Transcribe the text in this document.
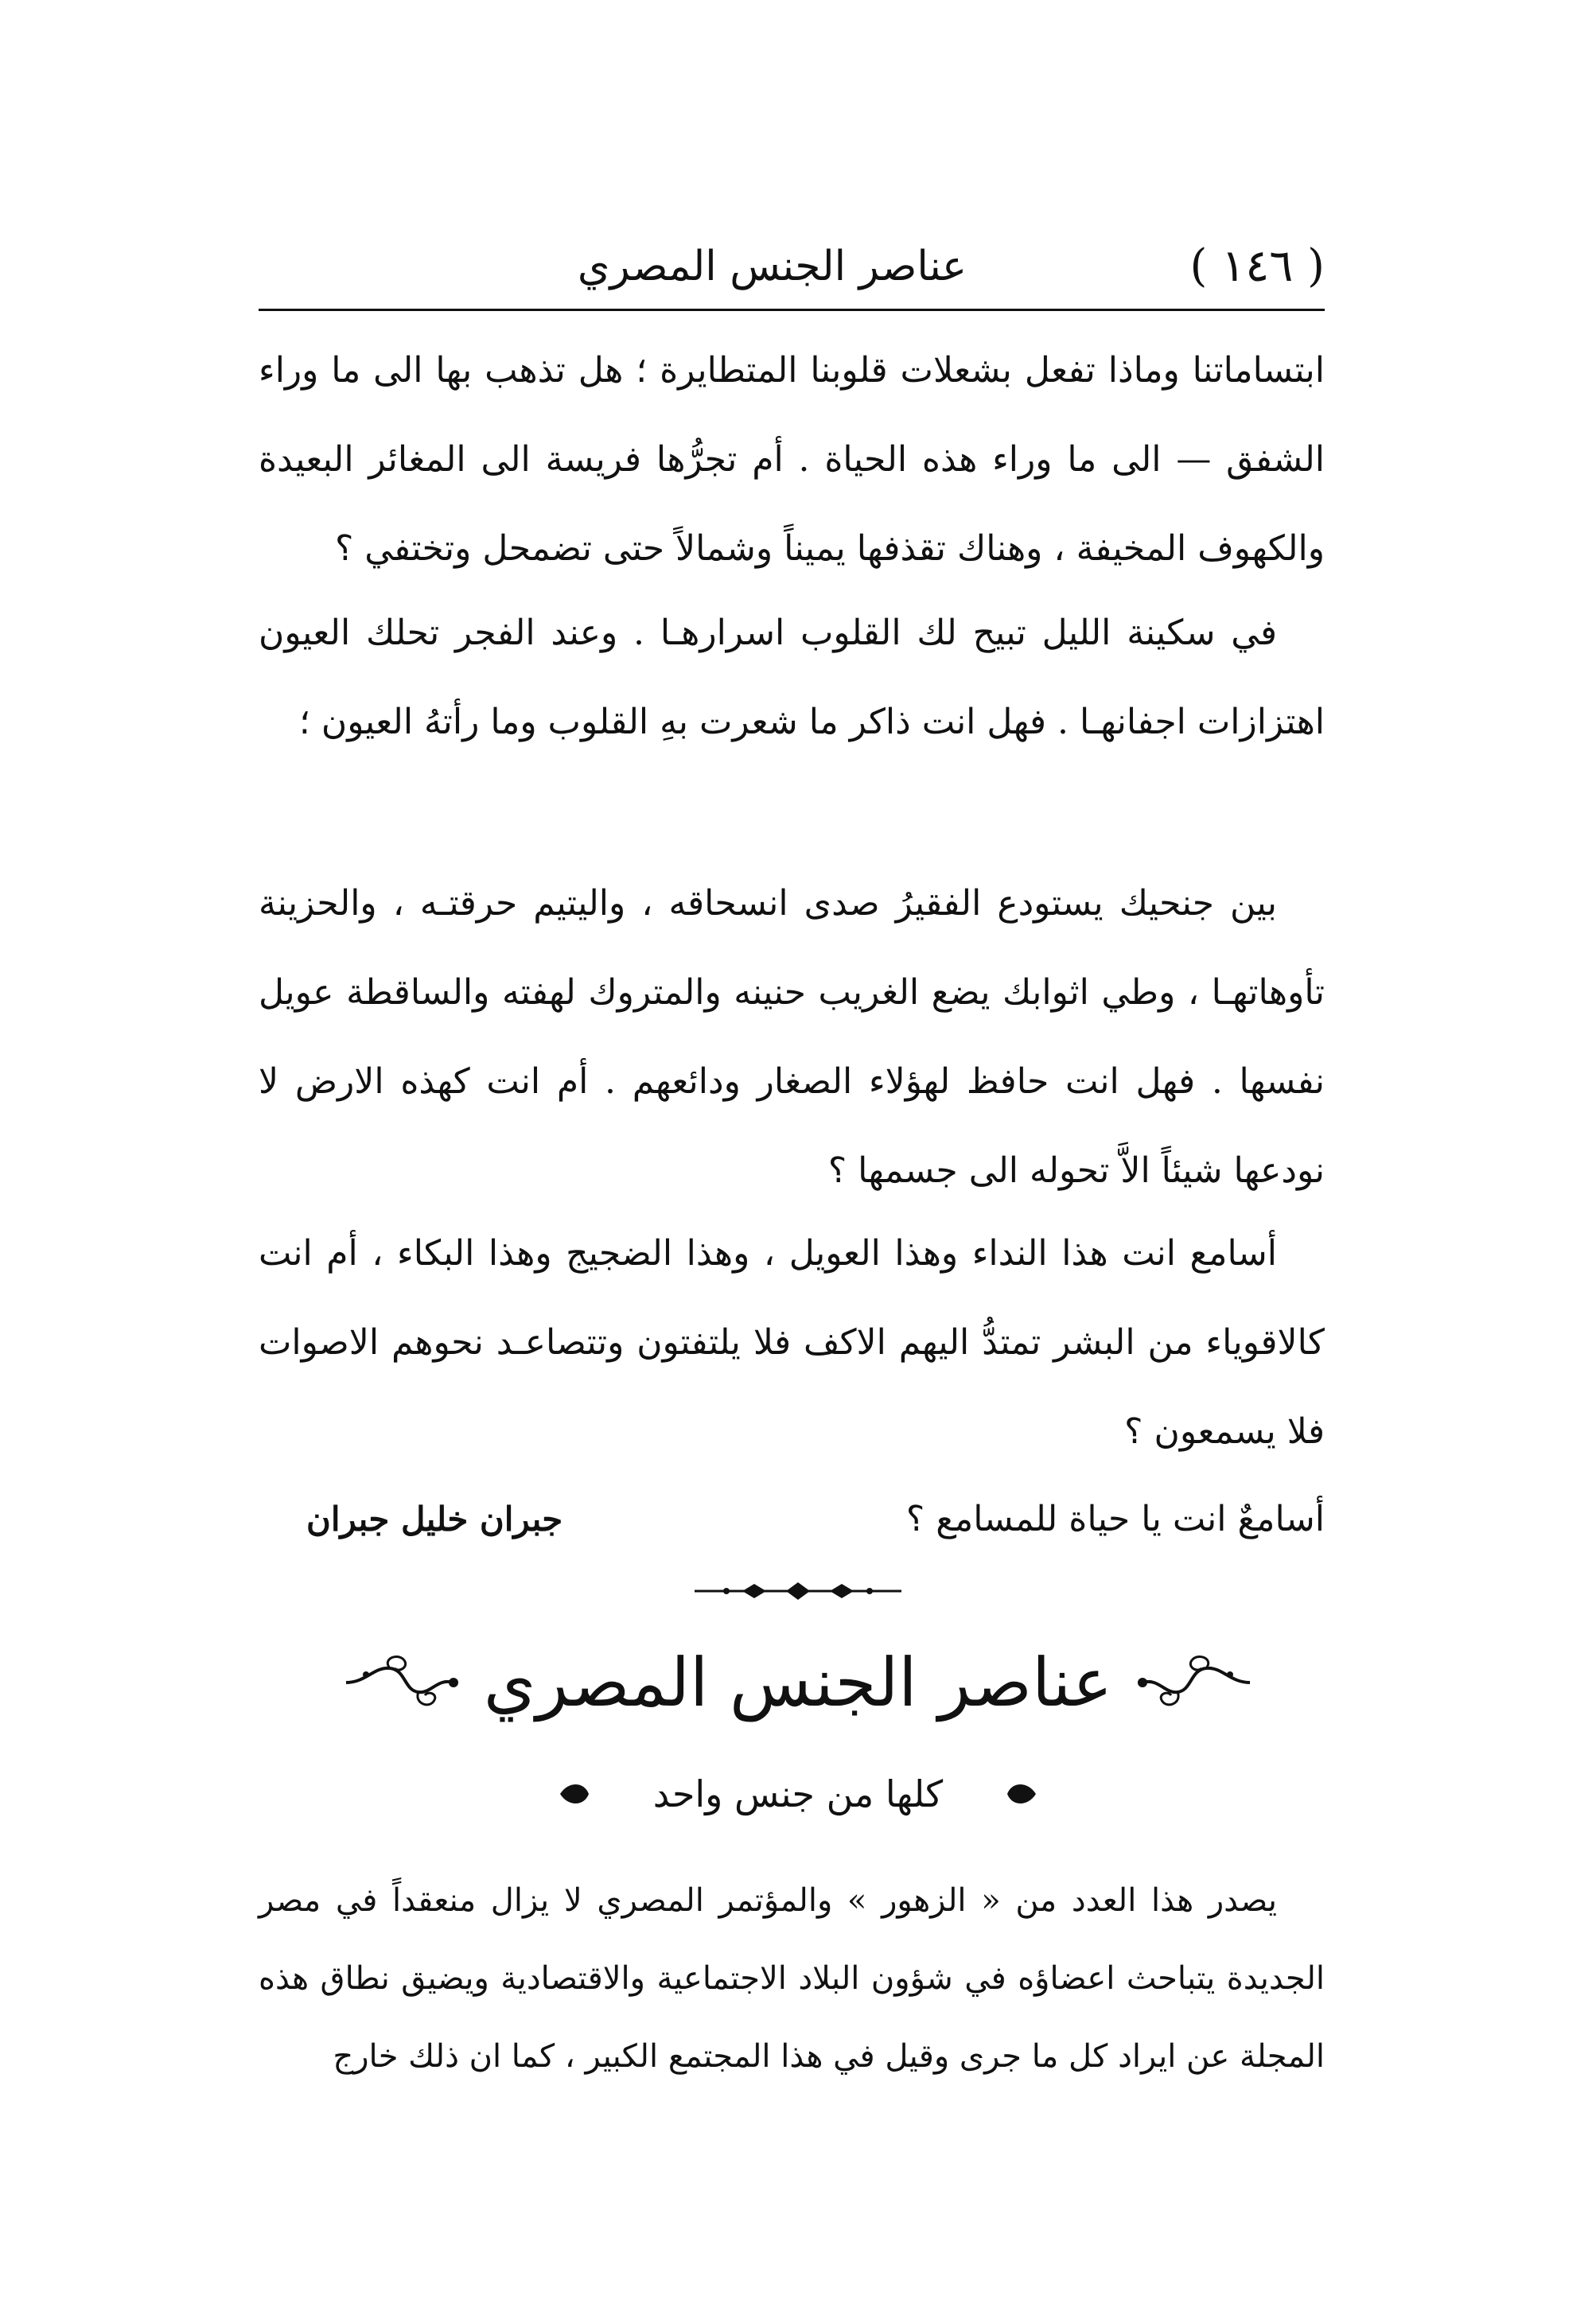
( ١٤٦ )
عناصر الجنس المصري

ابتساماتنا وماذا تفعل بشعلات قلوبنا المتطايرة ؛ هل تذهب بها الى ما وراء الشفق — الى ما وراء هذه الحياة . أم تجرُّها فريسة الى المغائر البعيدة والكهوف المخيفة ، وهناك تقذفها يميناً وشمالاً حتى تضمحل وتختفي ؟

في سكينة الليل تبيح لك القلوب اسرارهـا . وعند الفجر تحلك العيون اهتزازات اجفانهـا . فهل انت ذاكر ما شعرت بهِ القلوب وما رأتهُ العيون ؛

بين جنحيك يستودع الفقيرُ صدى انسحاقه ، واليتيم حرقتـه ، والحزينة تأوهاتهـا ، وطي اثوابك يضع الغريب حنينه والمتروك لهفته والساقطة عويل نفسها . فهل انت حافظ لهؤلاء الصغار ودائعهم . أم انت كهذه الارض لا نودعها شيئاً الاَّ تحوله الى جسمها ؟

أسامع انت هذا النداء وهذا العويل ، وهذا الضجيج وهذا البكاء ، أم انت كالاقوياء من البشر تمتدُّ اليهم الاكف فلا يلتفتون وتتصاعـد نحوهم الاصوات فلا يسمعون ؟

أسامعٌ انت يا حياة للمسامع ؟
جبران خليل جبران
عناصر الجنس المصري
كلها من جنس واحد

يصدر هذا العدد من « الزهور » والمؤتمر المصري لا يزال منعقداً في مصر الجديدة يتباحث اعضاؤه في شؤون البلاد الاجتماعية والاقتصادية ويضيق نطاق هذه المجلة عن ايراد كل ما جرى وقيل في هذا المجتمع الكبير ، كما ان ذلك خارج
